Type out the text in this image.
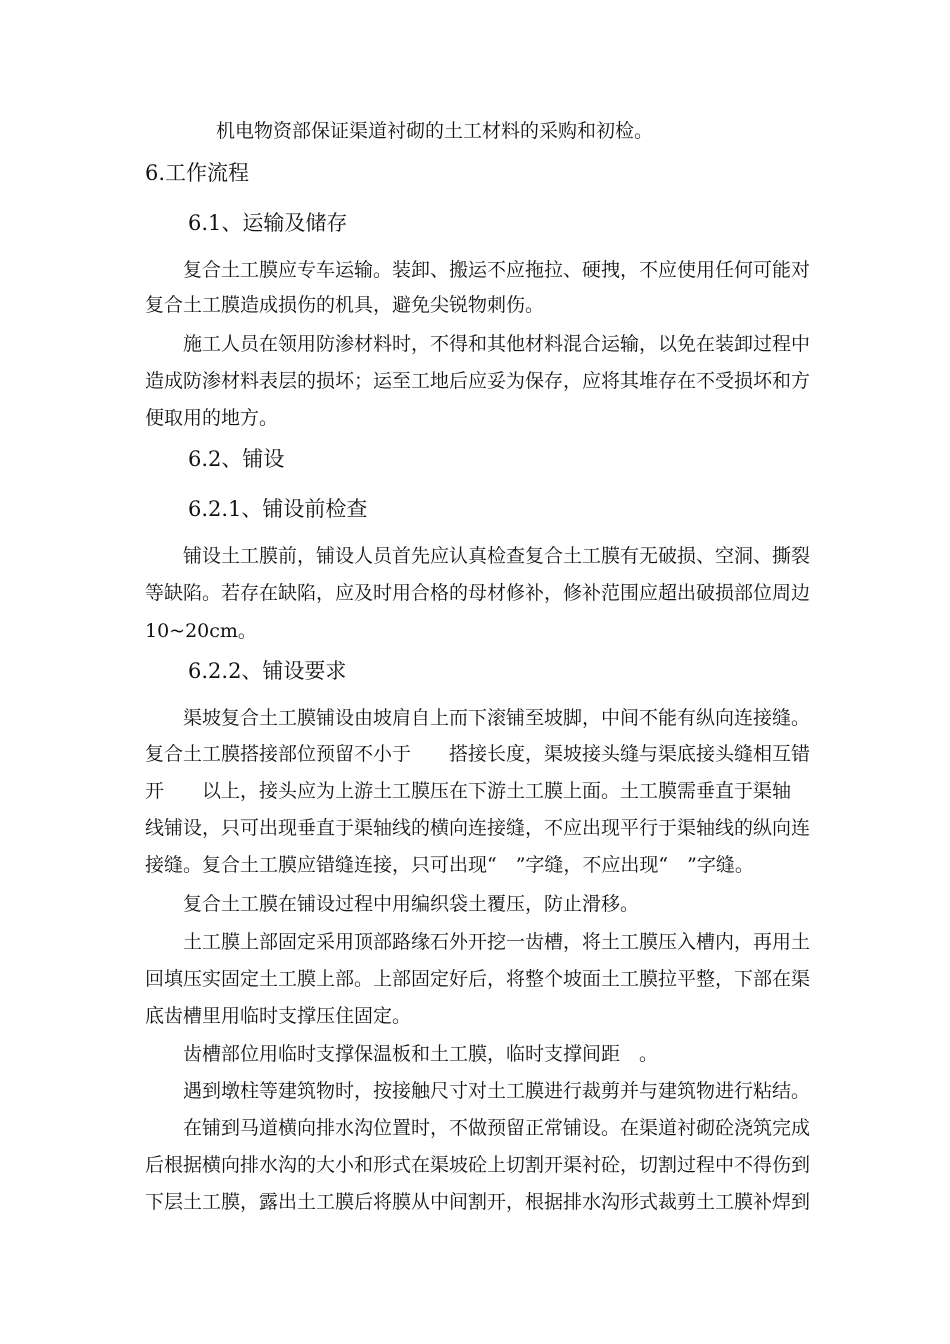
机电物资部保证渠道衬砌的土工材料的采购和初检。
6.工作流程
6.1、运输及储存
复合土工膜应专车运输。装卸、搬运不应拖拉、硬拽，不应使用任何可能对
复合土工膜造成损伤的机具，避免尖锐物刺伤。
施工人员在领用防渗材料时，不得和其他材料混合运输，以免在装卸过程中
造成防渗材料表层的损坏；运至工地后应妥为保存，应将其堆存在不受损坏和方
便取用的地方。
6.2、铺设
6.2.1、铺设前检查
铺设土工膜前，铺设人员首先应认真检查复合土工膜有无破损、空洞、撕裂
等缺陷。若存在缺陷，应及时用合格的母材修补，修补范围应超出破损部位周边
10~20cm。
6.2.2、铺设要求
渠坡复合土工膜铺设由坡肩自上而下滚铺至坡脚，中间不能有纵向连接缝。
复合土工膜搭接部位预留不小于　　搭接长度，渠坡接头缝与渠底接头缝相互错
开　　以上，接头应为上游土工膜压在下游土工膜上面。土工膜需垂直于渠轴
线铺设，只可出现垂直于渠轴线的横向连接缝，不应出现平行于渠轴线的纵向连
接缝。复合土工膜应错缝连接，只可出现“　”字缝，不应出现“　”字缝。
复合土工膜在铺设过程中用编织袋土覆压，防止滑移。
土工膜上部固定采用顶部路缘石外开挖一齿槽，将土工膜压入槽内，再用土
回填压实固定土工膜上部。上部固定好后，将整个坡面土工膜拉平整，下部在渠
底齿槽里用临时支撑压住固定。
齿槽部位用临时支撑保温板和土工膜，临时支撑间距　。
遇到墩柱等建筑物时，按接触尺寸对土工膜进行裁剪并与建筑物进行粘结。
在铺到马道横向排水沟位置时，不做预留正常铺设。在渠道衬砌砼浇筑完成
后根据横向排水沟的大小和形式在渠坡砼上切割开渠衬砼，切割过程中不得伤到
下层土工膜，露出土工膜后将膜从中间割开，根据排水沟形式裁剪土工膜补焊到
